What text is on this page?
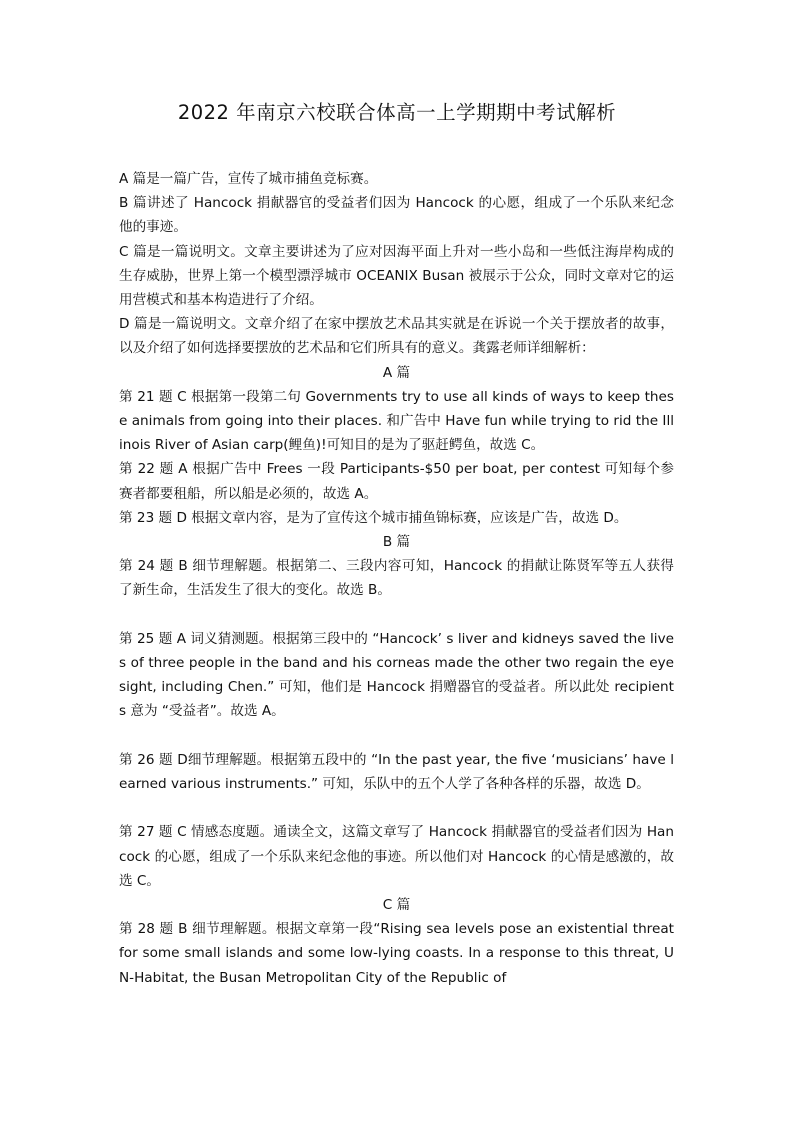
2022 年南京六校联合体高一上学期期中考试解析

A 篇是一篇广告，宣传了城市捕鱼竞标赛。

B 篇讲述了 Hancock 捐献器官的受益者们因为 Hancock 的心愿，组成了一个乐队来纪念他的事迹。

C 篇是一篇说明文。文章主要讲述为了应对因海平面上升对一些小岛和一些低注海岸构成的生存威胁，世界上第一个模型漂浮城市 OCEANIX Busan 被展示于公众，同时文章对它的运用营模式和基本构造进行了介绍。

D 篇是一篇说明文。文章介绍了在家中摆放艺术品其实就是在诉说一个关于摆放者的故事，以及介绍了如何选择要摆放的艺术品和它们所具有的意义。龚露老师详细解析：

A 篇

第 21 题 C 根据第一段第二句 Governments try to use all kinds of ways to keep these animals from going into their places. 和广告中 Have fun while trying to rid the Illinois River of Asian carp(鲤鱼)!可知目的是为了驱赶鳄鱼，故选 C。

第 22 题 A 根据广告中 Frees 一段 Participants-$50 per boat, per contest 可知每个参赛者都要租船，所以船是必须的，故选 A。

第 23 题 D 根据文章内容，是为了宣传这个城市捕鱼锦标赛，应该是广告，故选 D。

B 篇

第 24 题 B 细节理解题。根据第二、三段内容可知，Hancock 的捐献让陈贤军等五人获得了新生命，生活发生了很大的变化。故选 B。

第 25 题 A 词义猜测题。根据第三段中的 “Hancock’ s liver and kidneys saved the lives of three people in the band and his corneas made the other two regain the eyesight, including Chen.” 可知，他们是 Hancock 捐赠器官的受益者。所以此处 recipients 意为 “受益者”。故选 A。

第 26 题 D细节理解题。根据第五段中的 “In the past year, the five ‘musicians’ have learned various instruments.” 可知，乐队中的五个人学了各种各样的乐器，故选 D。

第 27 题 C 情感态度题。通读全文，这篇文章写了 Hancock 捐献器官的受益者们因为 Hancock 的心愿，组成了一个乐队来纪念他的事迹。所以他们对 Hancock 的心情是感激的，故选 C。

C 篇

第 28 题 B 细节理解题。根据文章第一段“Rising sea levels pose an existential threat for some small islands and some low-lying coasts. In a response to this threat, UN-Habitat, the Busan Metropolitan City of the Republic of
